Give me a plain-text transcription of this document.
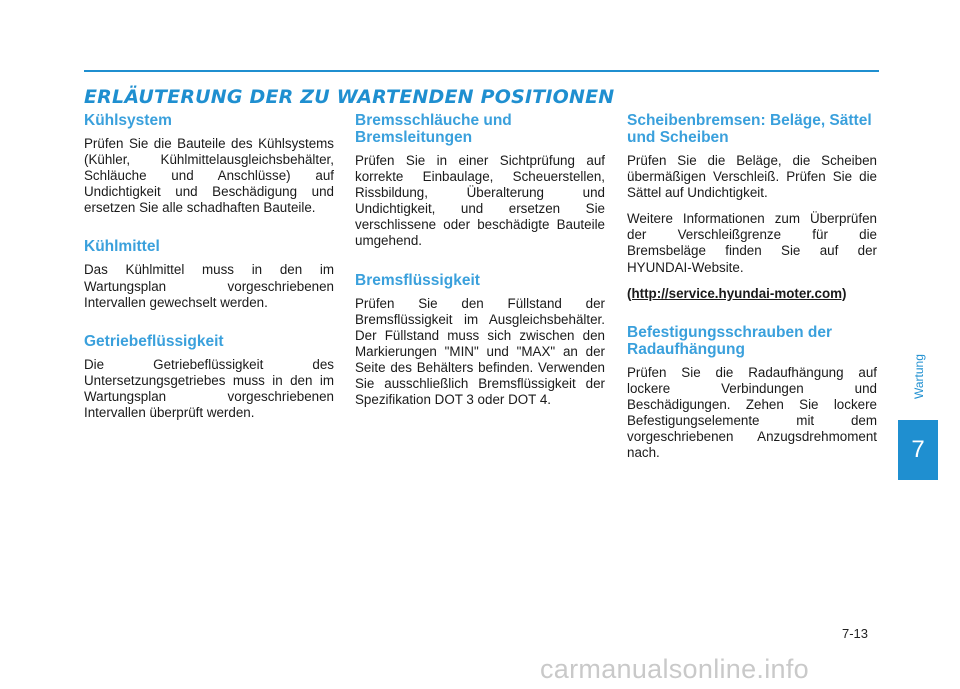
ERLÄUTERUNG DER ZU WARTENDEN POSITIONEN
Kühlsystem

Prüfen Sie die Bauteile des Kühlsystems (Kühler, Kühlmittelausgleichsbehälter, Schläuche und Anschlüsse) auf Undichtigkeit und Beschädigung und ersetzen Sie alle schadhaften Bauteile.

Kühlmittel

Das Kühlmittel muss in den im Wartungsplan vorgeschriebenen Intervallen gewechselt werden.

Getriebeflüssigkeit

Die Getriebeflüssigkeit des Untersetzungsgetriebes muss in den im Wartungsplan vorgeschriebenen Intervallen überprüft werden.

Bremsschläuche und Bremsleitungen

Prüfen Sie in einer Sichtprüfung auf korrekte Einbaulage, Scheuerstellen, Rissbildung, Überalterung und Undichtigkeit, und ersetzen Sie verschlissene oder beschädigte Bauteile umgehend.

Bremsflüssigkeit

Prüfen Sie den Füllstand der Bremsflüssigkeit im Ausgleichsbehälter. Der Füllstand muss sich zwischen den Markierungen "MIN" und "MAX" an der Seite des Behälters befinden. Verwenden Sie ausschließlich Bremsflüssigkeit der Spezifikation DOT 3 oder DOT 4.

Scheibenbremsen: Beläge, Sättel und Scheiben

Prüfen Sie die Beläge, die Scheiben übermäßigen Verschleiß. Prüfen Sie die Sättel auf Undichtigkeit.

Weitere Informationen zum Überprüfen der Verschleißgrenze für die Bremsbeläge finden Sie auf der HYUNDAI-Website.

(http://service.hyundai-moter.com)

Befestigungsschrauben der Radaufhängung

Prüfen Sie die Radaufhängung auf lockere Verbindungen und Beschädigungen. Zehen Sie lockere Befestigungselemente mit dem vorgeschriebenen Anzugsdrehmoment nach.

Wartung
7
7-13
carmanualsonline.info
